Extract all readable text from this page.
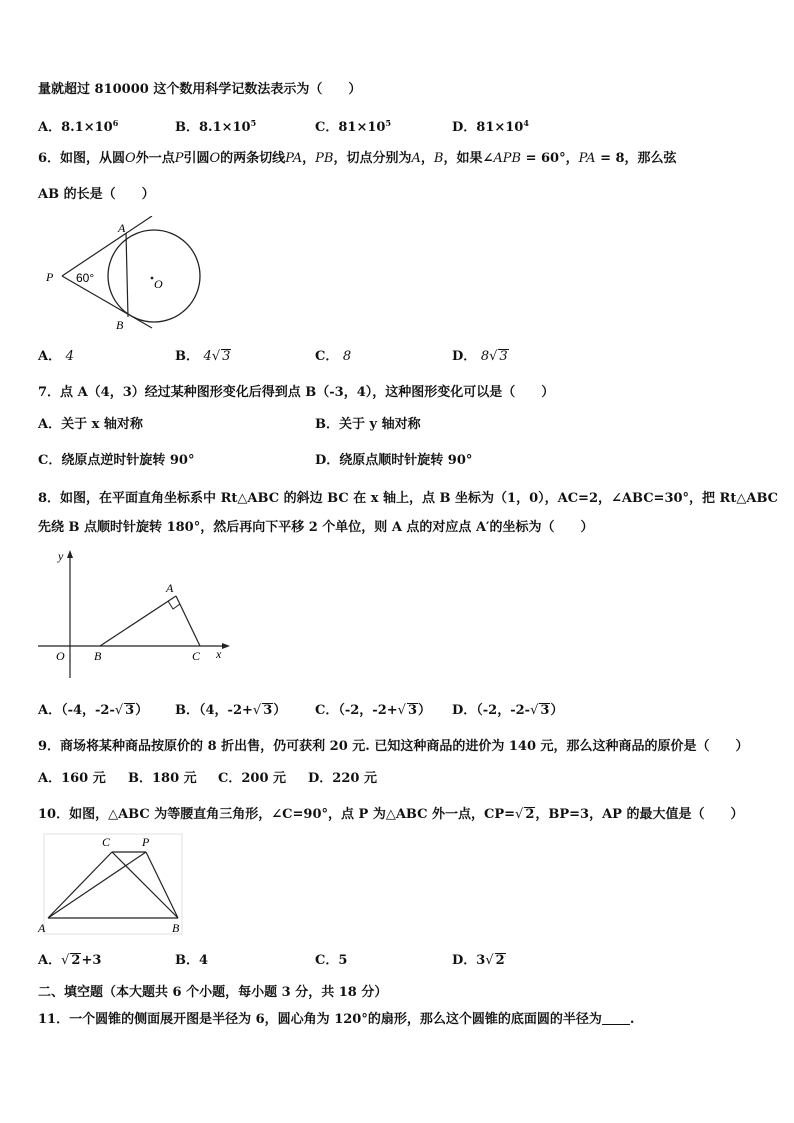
量就超过 810000 这个数用科学记数法表示为（　　）
A．$8.1\times 10^6$	B．$8.1\times 10^5$	C．$81\times 10^5$	D．$81\times 10^4$
6．如图，从圆O外一点P引圆O的两条切线PA，PB，切点分别为A，B，如果∠APB = 60°，PA = 8，那么弦
AB 的长是（　　）
A
B
P	O
60°
A． 4	B． 4√ 3	C． 8	D． 8√ 3
7．点 A（4，3）经过某种图形变化后得到点 B（-3，4），这种图形变化可以是（　　）
A．关于 x 轴对称	B．关于 y 轴对称
C．绕原点逆时针旋转 90°	D．绕原点顺时针旋转 90°
8．如图，在平面直角坐标系中 Rt△ABC 的斜边 BC 在 x 轴上，点 B 坐标为（1，0），AC=2，∠ABC=30°，把 Rt△ABC
先绕 B 点顺时针旋转 180°，然后再向下平移 2 个单位，则 A 点的对应点 A′的坐标为（　　）
y
x
O B	C
A
A．（-4，-2-√ 3） B．（4，-2+√ 3） C．（-2，-2+√ 3） D．（-2，-2-√ 3）
9．商场将某种商品按原价的 8 折出售，仍可获利 20 元. 已知这种商品的进价为 140 元，那么这种商品的原价是（　　）
A．160 元 B．180 元 C．200 元 D．220 元
10．如图，△ABC 为等腰直角三角形，∠C=90°，点 P 为△ABC 外一点，CP=√ 2，BP=3，AP 的最大值是（　　）
C	P
A	B
A．√ 2+3	B．4	C．5	D．3√ 2
二、填空题（本大题共 6 个小题，每小题 3 分，共 18 分）
11．一个圆锥的侧面展开图是半径为 6，圆心角为 120°的扇形，那么这个圆锥的底面圆的半径为 .
